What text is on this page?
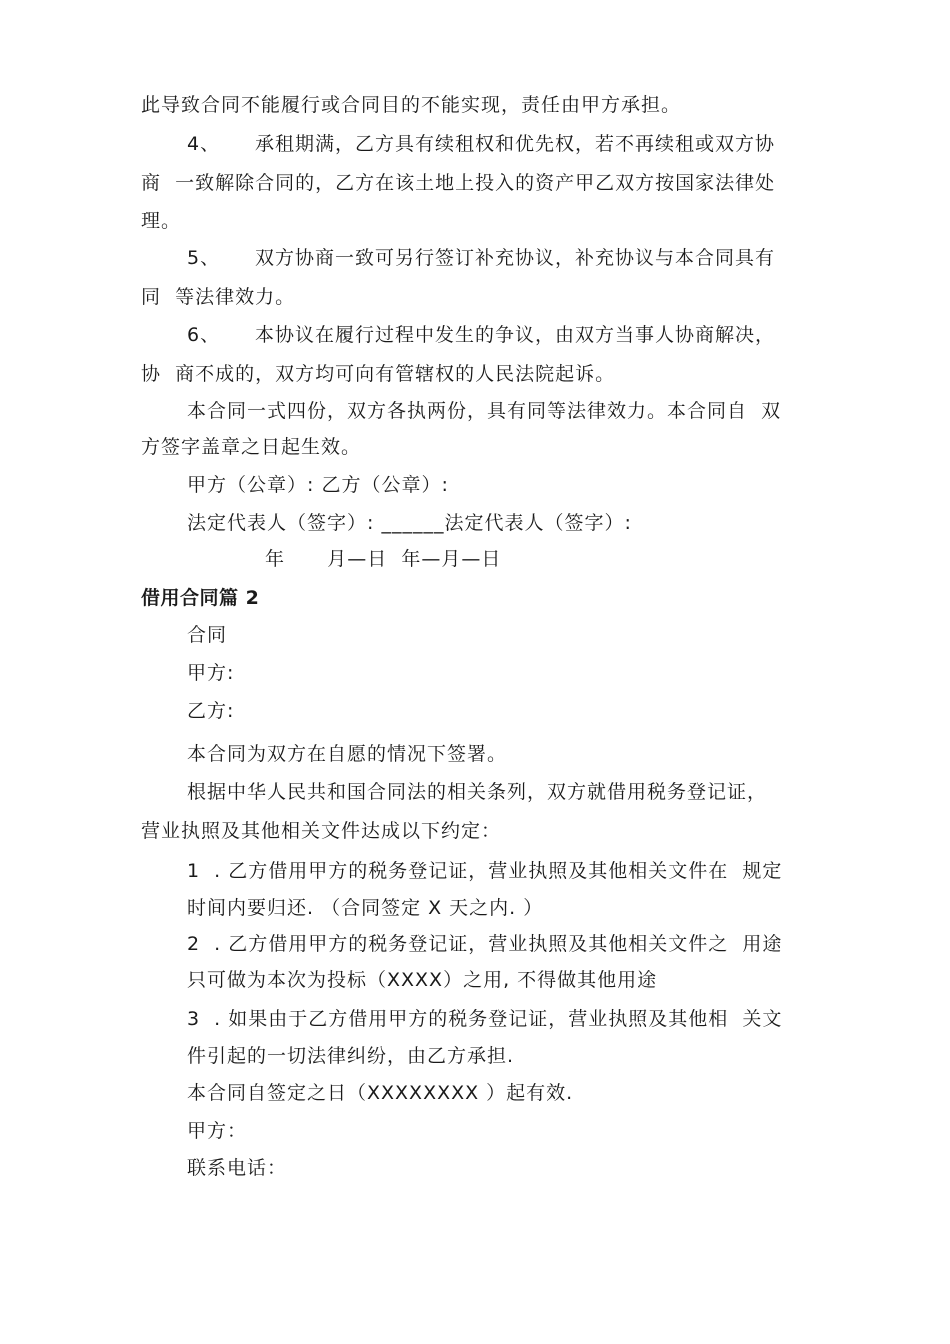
此导致合同不能履行或合同目的不能实现，责任由甲方承担。
4、 承租期满，乙方具有续租权和优先权，若不再续租或双方协
商  一致解除合同的，乙方在该土地上投入的资产甲乙双方按国家法律处
理。
5、 双方协商一致可另行签订补充协议，补充协议与本合同具有
同  等法律效力。
6、 本协议在履行过程中发生的争议，由双方当事人协商解决，
协  商不成的，双方均可向有管辖权的人民法院起诉。
本合同一式四份，双方各执两份，具有同等法律效力。本合同自  双
方签字盖章之日起生效。
甲方（公章）: 乙方（公章）:
法定代表人（签字）: ______法定代表人（签字）:
年      月—日  年—月—日
借用合同篇 2
合同
甲方:
乙方:
本合同为双方在自愿的情况下签署。
根据中华人民共和国合同法的相关条列，双方就借用税务登记证，
营业执照及其他相关文件达成以下约定：
1  . 乙方借用甲方的税务登记证，营业执照及其他相关文件在  规定
时间内要归还. （合同签定 X 天之内. ）
2  . 乙方借用甲方的税务登记证，营业执照及其他相关文件之  用途
只可做为本次为投标（XXXX）之用, 不得做其他用途
3  . 如果由于乙方借用甲方的税务登记证，营业执照及其他相  关文
件引起的一切法律纠纷，由乙方承担.
本合同自签定之日（XXXXXXXX ）起有效.
甲方：
联系电话：
